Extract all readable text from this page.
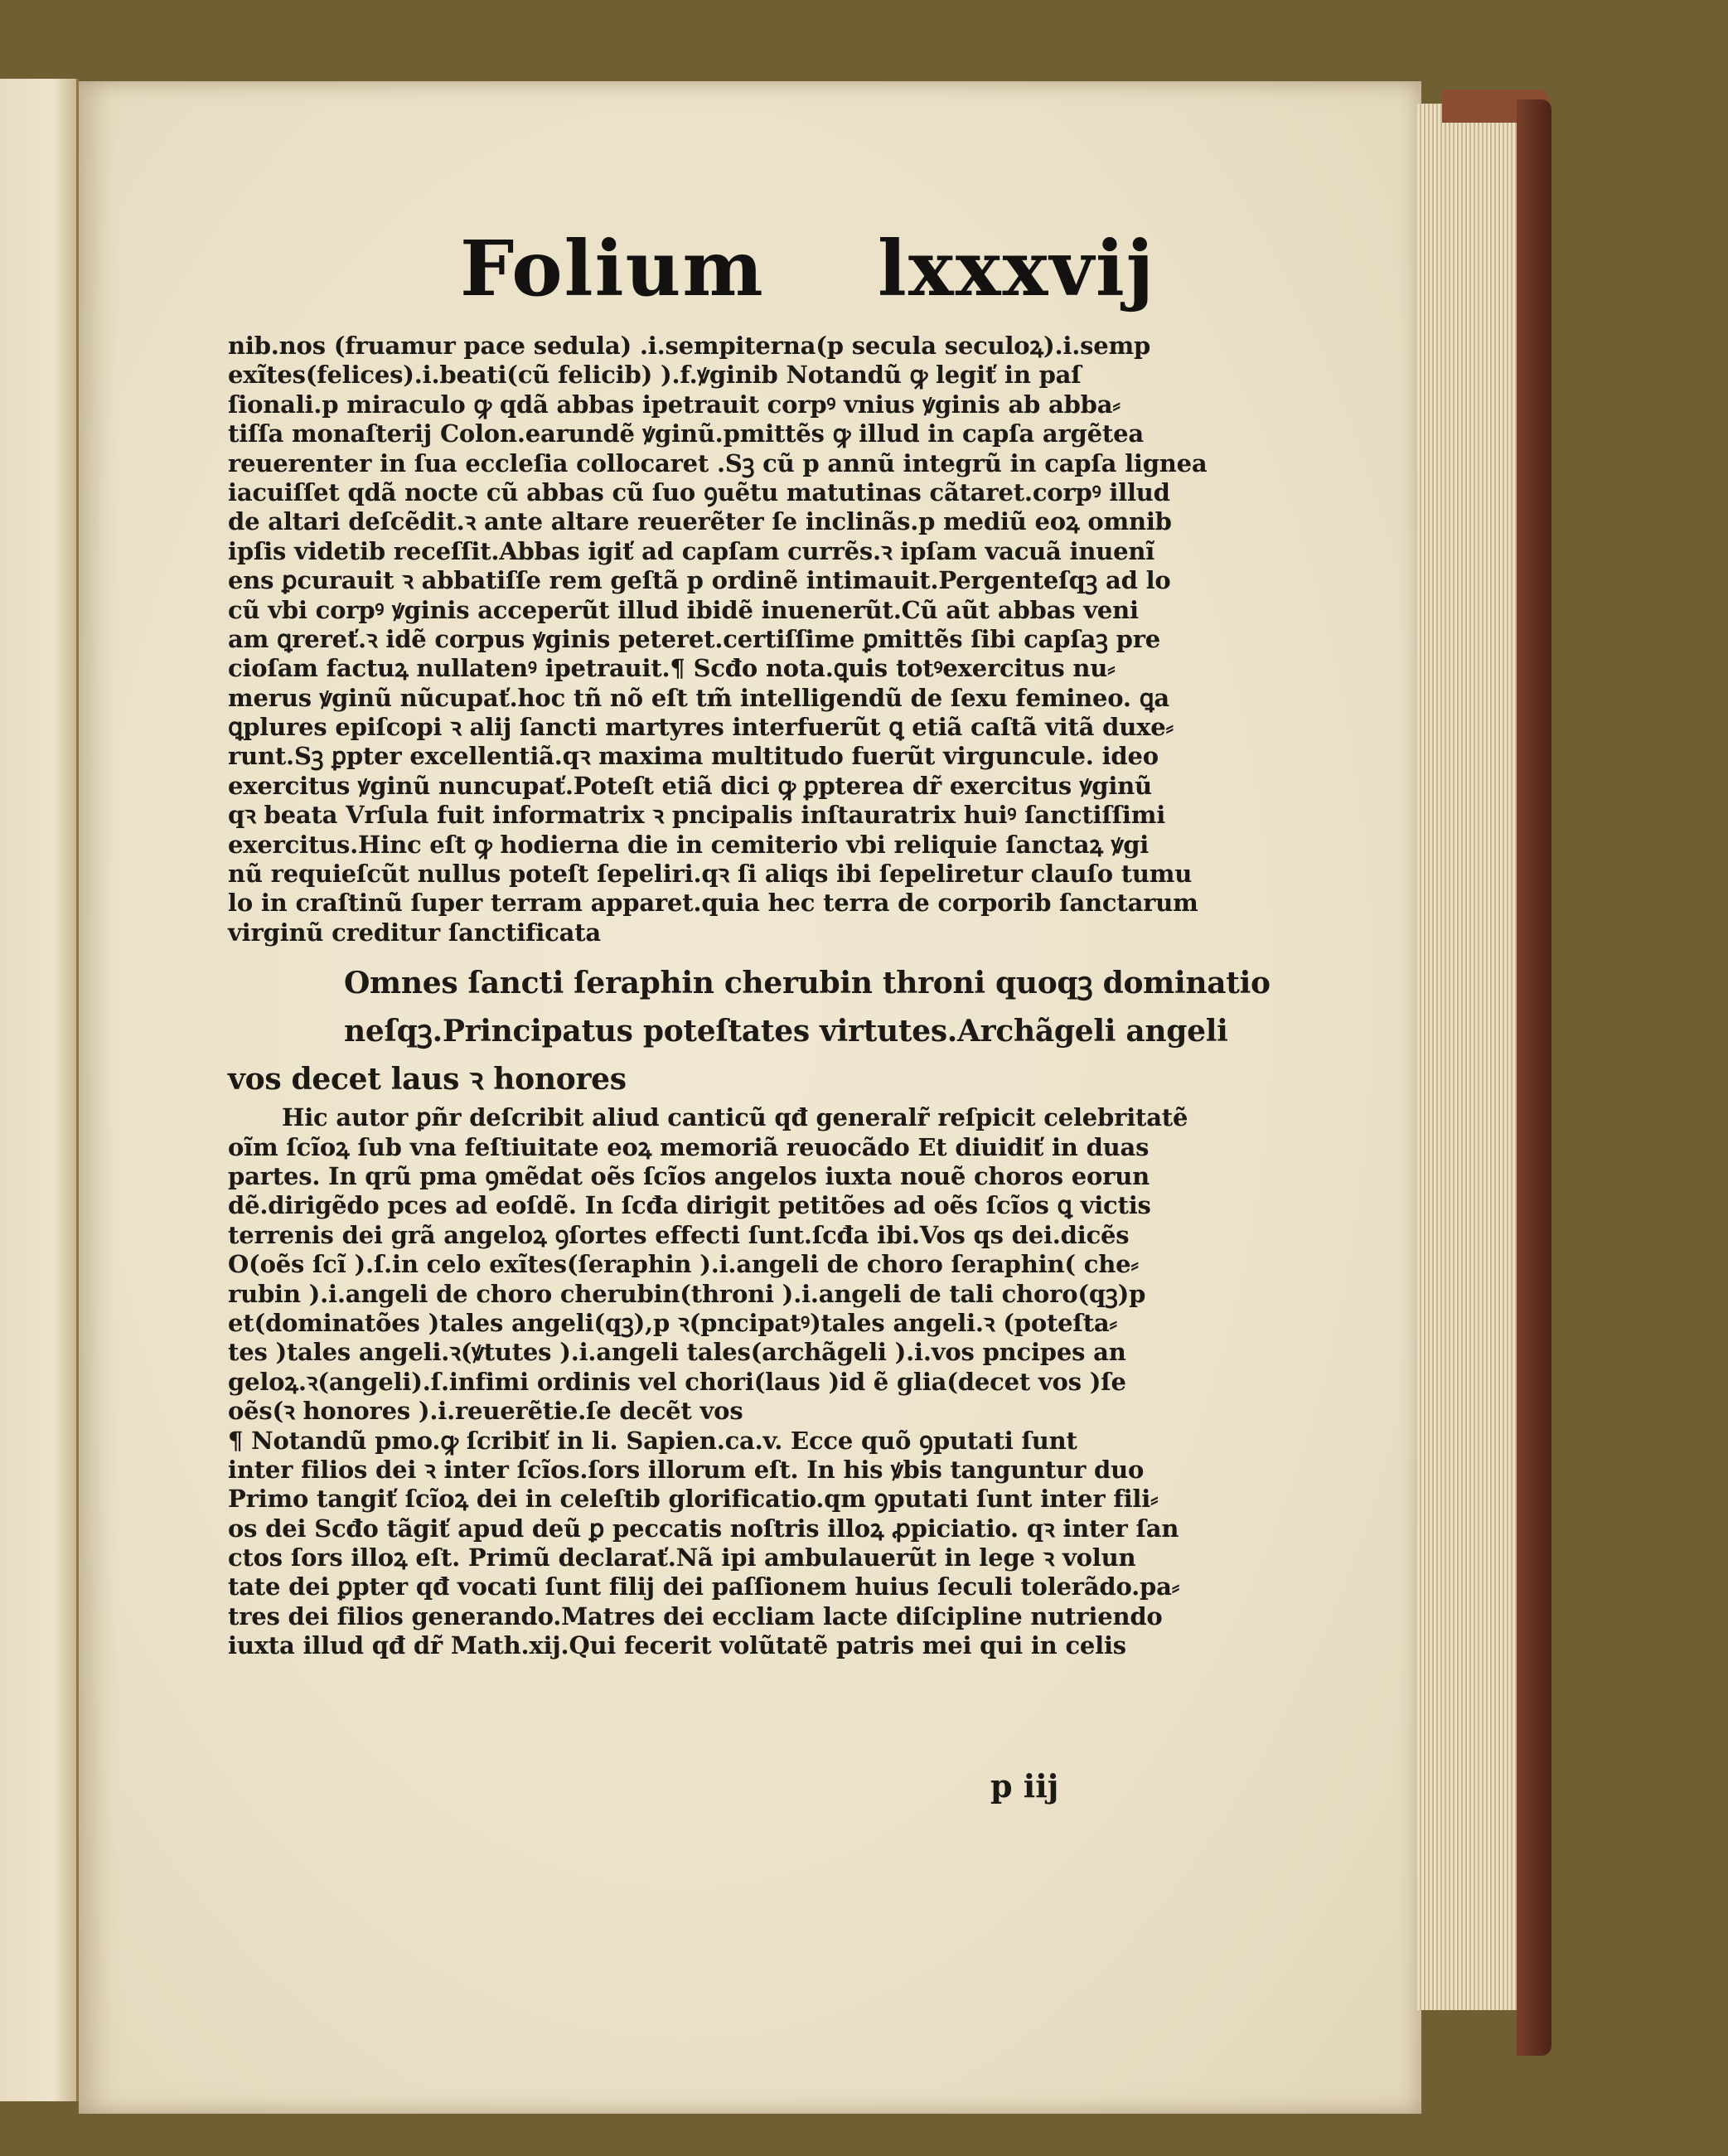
Folium lxxxvij
nib.nos (fruamur pace sedula) .i.sempiterna(p secula seculoꝝ).i.semp
exĩtes(felices).i.beati(cũ felicib) ).f.ꝟginib Notandũ ꝙ legiť in paſ
ſionali.p miraculo ꝙ qdã abbas ipetrauit corpꝰ vnius ꝟginis ab abba⸗
tiſſa monaſterij Colon.earundẽ ꝟginũ.pmittẽs ꝙ illud in capſa argẽtea
reuerenter in ſua eccleſia collocaret .Sꝫ cũ p annũ integrũ in capſa lignea
iacuiſſet qdã nocte cũ abbas cũ ſuo ꝯuẽtu matutinas cãtaret.corpꝰ illud
de altari deſcẽdit.ꝛ ante altare reuerẽter ſe inclinãs.p mediũ eoꝝ omnib
ipſis videtib receſſit.Abbas igiť ad capſam currẽs.ꝛ ipſam vacuã inuenĩ
ens ꝑcurauit ꝛ abbatiſſe rem geſtã p ordinẽ intimauit.Pergenteſqꝫ ad lo
cũ vbi corpꝰ ꝟginis acceperũt illud ibidẽ inuenerũt.Cũ aũt abbas veni
am ꝗrereť.ꝛ idẽ corpus ꝟginis peteret.certiſſime ꝑmittẽs ſibi capſaꝫ pre
cioſam factuꝝ nullatenꝰ ipetrauit.¶ Scđo nota.ꝗuis totꝰexercitus nu⸗
merus ꝟginũ nũcupať.hoc tñ nõ eſt tm̃ intelligendũ de ſexu femineo. ꝗa
ꝗplures epiſcopi ꝛ alij ſancti martyres interfuerũt ꝗ etiã caſtã vitã duxe⸗
runt.Sꝫ ꝑpter excellentiã.qꝛ maxima multitudo fuerũt virguncule. ideo
exercitus ꝟginũ nuncupať.Poteſt etiã dici ꝙ ꝑpterea dr̃ exercitus ꝟginũ
qꝛ beata Vrſula fuit informatrix ꝛ pncipalis inſtauratrix huiꝰ ſanctiſſimi
exercitus.Hinc eſt ꝙ hodierna die in cemiterio vbi reliquie ſanctaꝝ ꝟgi
nũ requieſcũt nullus poteſt ſepeliri.qꝛ ſi aliqs ibi ſepeliretur clauſo tumu
lo in craſtinũ ſuper terram apparet.quia hec terra de corporib ſanctarum
virginũ creditur ſanctificata
Omnes ſancti ſeraphin cherubin throni quoqꝫ dominatio
neſqꝫ.Principatus poteſtates virtutes.Archãgeli angeli
vos decet laus ꝛ honores
Hic autor ꝑñr deſcribit aliud canticũ qđ generalr̃ reſpicit celebritatẽ
oĩm ſcĩoꝝ ſub vna feſtiuitate eoꝝ memoriã reuocãdo Et diuidiť in duas
partes. In qrũ pma ꝯmẽdat oẽs ſcĩos angelos iuxta nouẽ choros eorun
dẽ.dirigẽdo pces ad eoſdẽ. In ſcđa dirigit petitões ad oẽs ſcĩos ꝗ victis
terrenis dei grã angeloꝝ ꝯſortes effecti ſunt.ſcđa ibi.Vos qs dei.dicẽs
O(oẽs ſcĩ ).ſ.in celo exĩtes(ſeraphin ).i.angeli de choro ſeraphin( che⸗
rubin ).i.angeli de choro cherubin(throni ).i.angeli de tali choro(qꝫ)p
et(dominatões )tales angeli(qꝫ),p ꝛ(pncipatꝰ)tales angeli.ꝛ (poteſta⸗
tes )tales angeli.ꝛ(ꝟtutes ).i.angeli tales(archãgeli ).i.vos pncipes an
geloꝝ.ꝛ(angeli).ſ.infimi ordinis vel chori(laus )id ẽ glia(decet vos )ſe
oẽs(ꝛ honores ).i.reuerẽtie.ſe decẽt vos
¶ Notandũ pmo.ꝙ ſcribiť in li. Sapien.ca.v. Ecce quõ ꝯputati ſunt
inter filios dei ꝛ inter ſcĩos.ſors illorum eſt. In his ꝟbis tanguntur duo
Primo tangiť ſcĩoꝝ dei in celeſtib glorificatio.qm ꝯputati ſunt inter fili⸗
os dei Scđo tãgiť apud deũ ꝑ peccatis noſtris illoꝝ ꝓpiciatio. qꝛ inter ſan
ctos ſors illoꝝ eſt. Primũ declarať.Nã ipi ambulauerũt in lege ꝛ volun
tate dei ꝑpter qđ vocati ſunt filij dei paſſionem huius ſeculi tolerãdo.pa⸗
tres dei filios generando.Matres dei eccliam lacte diſcipline nutriendo
iuxta illud qđ dr̃ Math.xij.Qui fecerit volũtatẽ patris mei qui in celis
p iij
